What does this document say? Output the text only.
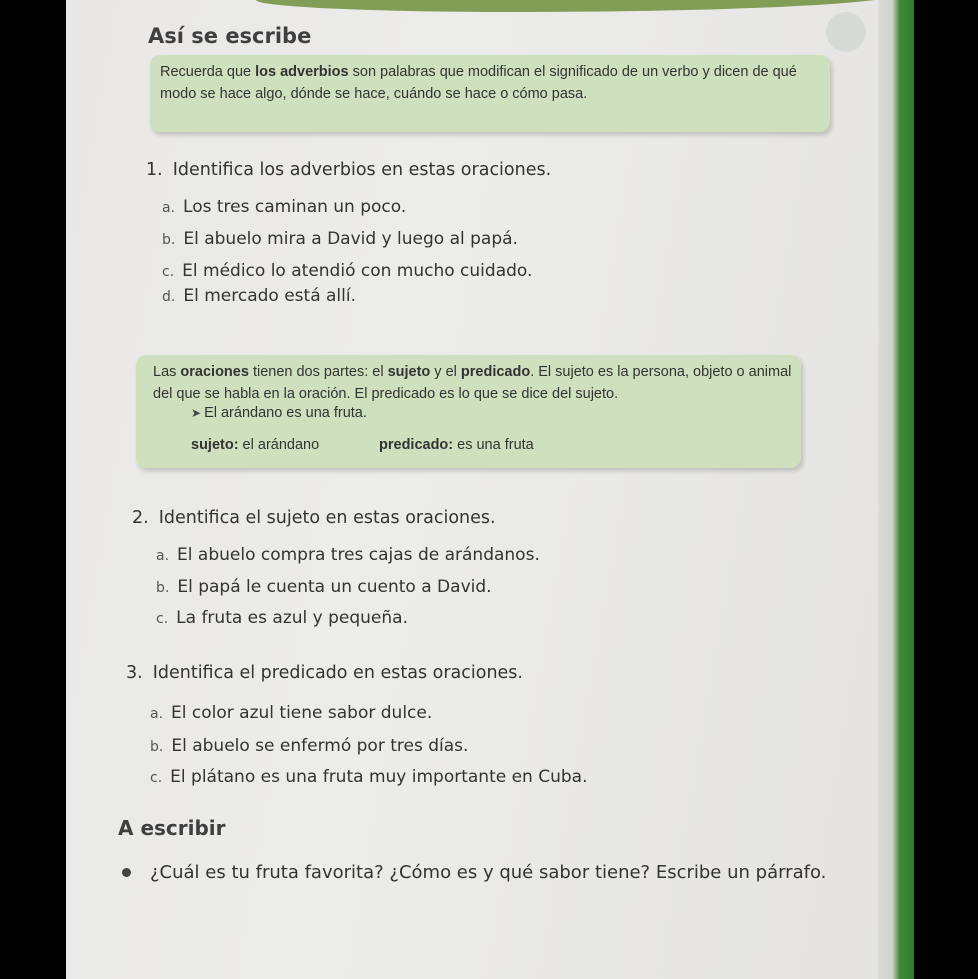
Así se escribe
Recuerda que los adverbios son palabras que modifican el significado de un verbo y dicen de qué modo se hace algo, dónde se hace, cuándo se hace o cómo pasa.
1. Identifica los adverbios en estas oraciones.
a. Los tres caminan un poco.
b. El abuelo mira a David y luego al papá.
c. El médico lo atendió con mucho cuidado.
d. El mercado está allí.
Las oraciones tienen dos partes: el sujeto y el predicado. El sujeto es la persona, objeto o animal del que se habla en la oración. El predicado es lo que se dice del sujeto.
➤ El arándano es una fruta.
sujeto: el arándano	predicado: es una fruta
2. Identifica el sujeto en estas oraciones.
a. El abuelo compra tres cajas de arándanos.
b. El papá le cuenta un cuento a David.
c. La fruta es azul y pequeña.
3. Identifica el predicado en estas oraciones.
a. El color azul tiene sabor dulce.
b. El abuelo se enfermó por tres días.
c. El plátano es una fruta muy importante en Cuba.
A escribir
¿Cuál es tu fruta favorita? ¿Cómo es y qué sabor tiene? Escribe un párrafo.
